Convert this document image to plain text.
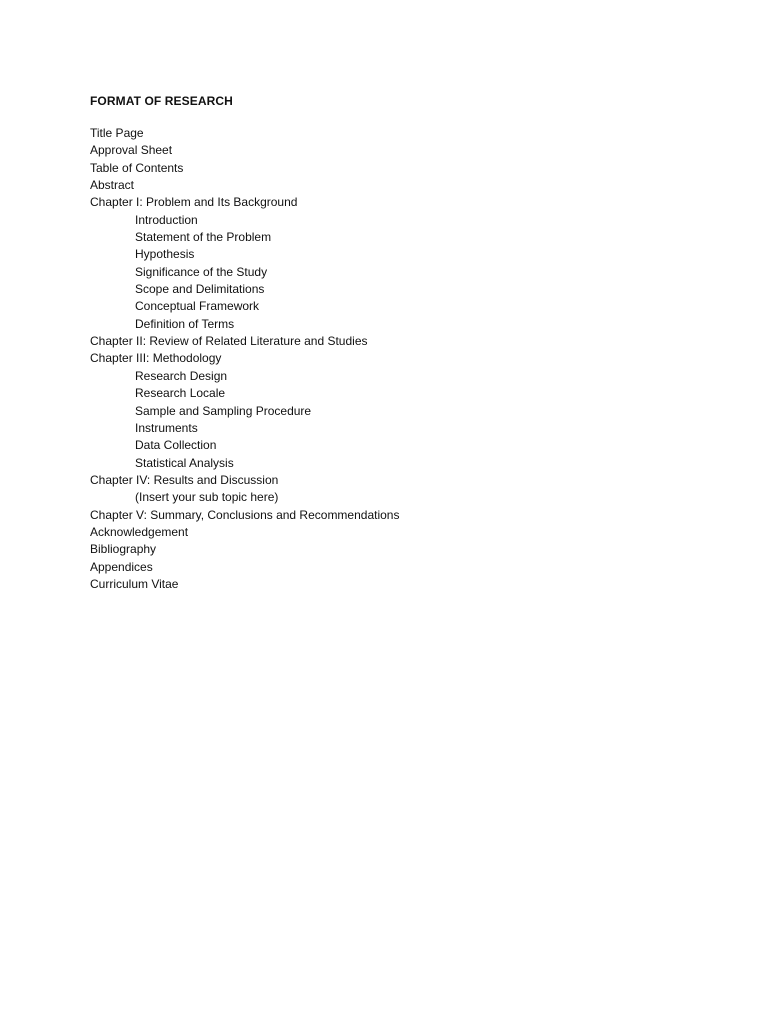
FORMAT OF RESEARCH
Title Page
Approval Sheet
Table of Contents
Abstract
Chapter I: Problem and Its Background
Introduction
Statement of the Problem
Hypothesis
Significance of the Study
Scope and Delimitations
Conceptual Framework
Definition of Terms
Chapter II: Review of Related Literature and Studies
Chapter III: Methodology
Research Design
Research Locale
Sample and Sampling Procedure
Instruments
Data Collection
Statistical Analysis
Chapter IV: Results and Discussion
(Insert your sub topic here)
Chapter V: Summary, Conclusions and Recommendations
Acknowledgement
Bibliography
Appendices
Curriculum Vitae
